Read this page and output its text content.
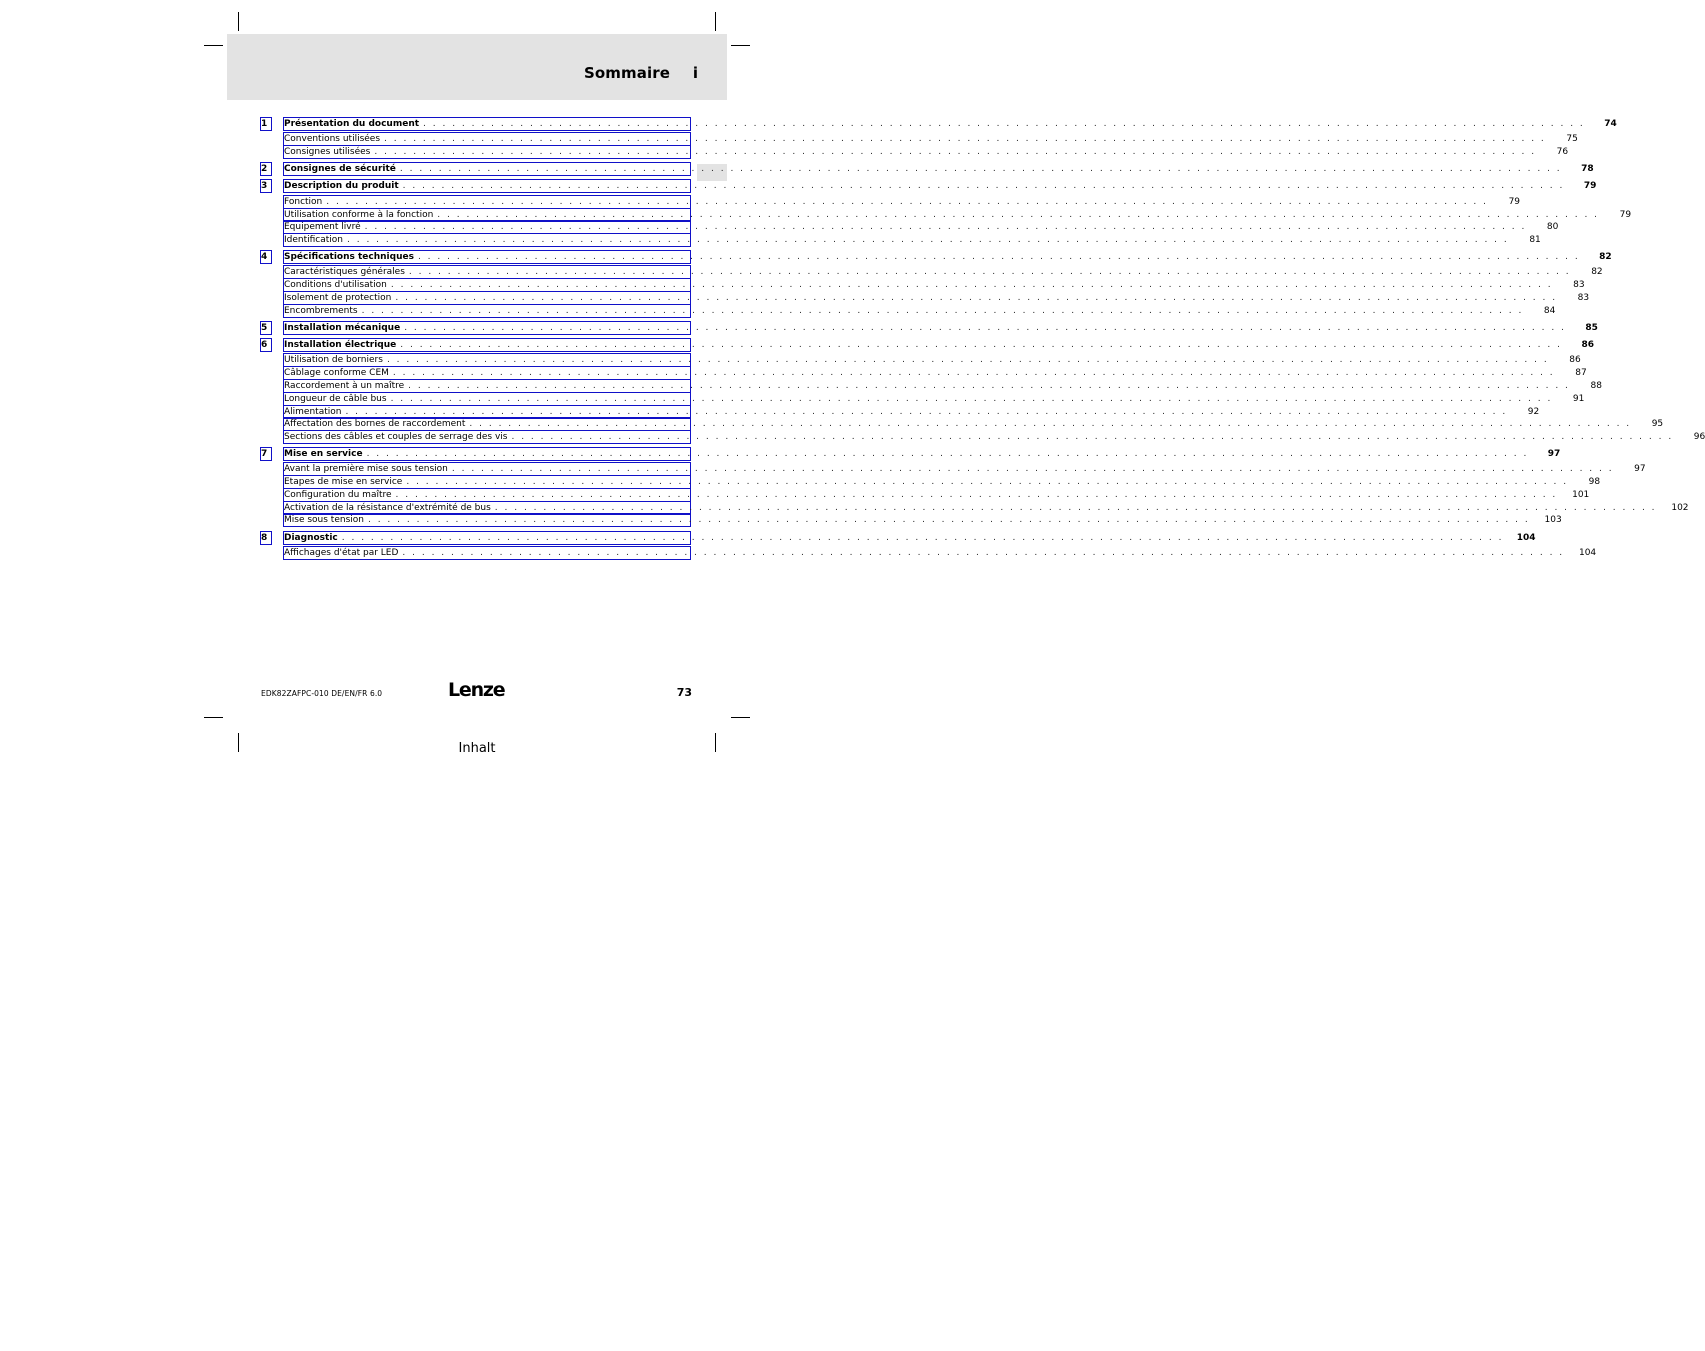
Sommaire i
1	Présentation du document . . . . . . . . . . . . . . . . . . . . . . . . . . . . . . . . . . . . . . . . . . . . . . . . . . . . . . . . . . . . . . . . . . . . . . . . . . . . . . . . . . . . . . . . . . . . . . . . . . . . . . . . . . . . . . . . . . . . . . . .	74
Conventions utilisées . . . . . . . . . . . . . . . . . . . . . . . . . . . . . . . . . . . . . . . . . . . . . . . . . . . . . . . . . . . . . . . . . . . . . . . . . . . . . . . . . . . . . . . . . . . . . . . . . . . . . . . . . . . . . . . . . . . . . . . .	75
Consignes utilisées . . . . . . . . . . . . . . . . . . . . . . . . . . . . . . . . . . . . . . . . . . . . . . . . . . . . . . . . . . . . . . . . . . . . . . . . . . . . . . . . . . . . . . . . . . . . . . . . . . . . . . . . . . . . . . . . . . . . . . . .	76
2	Consignes de sécurité . . . . . . . . . . . . . . . . . . . . . . . . . . . . . . . . . . . . . . . . . . . . . . . . . . . . . . . . . . . . . . . . . . . . . . . . . . . . . . . . . . . . . . . . . . . . . . . . . . . . . . . . . . . . . . . . . . . . . . . .	78
3	Description du produit . . . . . . . . . . . . . . . . . . . . . . . . . . . . . . . . . . . . . . . . . . . . . . . . . . . . . . . . . . . . . . . . . . . . . . . . . . . . . . . . . . . . . . . . . . . . . . . . . . . . . . . . . . . . . . . . . . . . . . . .	79
Fonction . . . . . . . . . . . . . . . . . . . . . . . . . . . . . . . . . . . . . . . . . . . . . . . . . . . . . . . . . . . . . . . . . . . . . . . . . . . . . . . . . . . . . . . . . . . . . . . . . . . . . . . . . . . . . . . . . . . . . . . .	79
Utilisation conforme à la fonction . . . . . . . . . . . . . . . . . . . . . . . . . . . . . . . . . . . . . . . . . . . . . . . . . . . . . . . . . . . . . . . . . . . . . . . . . . . . . . . . . . . . . . . . . . . . . . . . . . . . . . . . . . . . . . . . . . . . . . . .	79
Equipement livré . . . . . . . . . . . . . . . . . . . . . . . . . . . . . . . . . . . . . . . . . . . . . . . . . . . . . . . . . . . . . . . . . . . . . . . . . . . . . . . . . . . . . . . . . . . . . . . . . . . . . . . . . . . . . . . . . . . . . . . .	80
Identification . . . . . . . . . . . . . . . . . . . . . . . . . . . . . . . . . . . . . . . . . . . . . . . . . . . . . . . . . . . . . . . . . . . . . . . . . . . . . . . . . . . . . . . . . . . . . . . . . . . . . . . . . . . . . . . . . . . . . . . .	81
4	Spécifications techniques . . . . . . . . . . . . . . . . . . . . . . . . . . . . . . . . . . . . . . . . . . . . . . . . . . . . . . . . . . . . . . . . . . . . . . . . . . . . . . . . . . . . . . . . . . . . . . . . . . . . . . . . . . . . . . . . . . . . . . . .	82
Caractéristiques générales . . . . . . . . . . . . . . . . . . . . . . . . . . . . . . . . . . . . . . . . . . . . . . . . . . . . . . . . . . . . . . . . . . . . . . . . . . . . . . . . . . . . . . . . . . . . . . . . . . . . . . . . . . . . . . . . . . . . . . . .	82
Conditions d'utilisation . . . . . . . . . . . . . . . . . . . . . . . . . . . . . . . . . . . . . . . . . . . . . . . . . . . . . . . . . . . . . . . . . . . . . . . . . . . . . . . . . . . . . . . . . . . . . . . . . . . . . . . . . . . . . . . . . . . . . . . .	83
Isolement de protection . . . . . . . . . . . . . . . . . . . . . . . . . . . . . . . . . . . . . . . . . . . . . . . . . . . . . . . . . . . . . . . . . . . . . . . . . . . . . . . . . . . . . . . . . . . . . . . . . . . . . . . . . . . . . . . . . . . . . . . .	83
Encombrements . . . . . . . . . . . . . . . . . . . . . . . . . . . . . . . . . . . . . . . . . . . . . . . . . . . . . . . . . . . . . . . . . . . . . . . . . . . . . . . . . . . . . . . . . . . . . . . . . . . . . . . . . . . . . . . . . . . . . . . .	84
5	Installation mécanique . . . . . . . . . . . . . . . . . . . . . . . . . . . . . . . . . . . . . . . . . . . . . . . . . . . . . . . . . . . . . . . . . . . . . . . . . . . . . . . . . . . . . . . . . . . . . . . . . . . . . . . . . . . . . . . . . . . . . . . .	85
6	Installation électrique . . . . . . . . . . . . . . . . . . . . . . . . . . . . . . . . . . . . . . . . . . . . . . . . . . . . . . . . . . . . . . . . . . . . . . . . . . . . . . . . . . . . . . . . . . . . . . . . . . . . . . . . . . . . . . . . . . . . . . . .	86
Utilisation de borniers . . . . . . . . . . . . . . . . . . . . . . . . . . . . . . . . . . . . . . . . . . . . . . . . . . . . . . . . . . . . . . . . . . . . . . . . . . . . . . . . . . . . . . . . . . . . . . . . . . . . . . . . . . . . . . . . . . . . . . . .	86
Câblage conforme CEM . . . . . . . . . . . . . . . . . . . . . . . . . . . . . . . . . . . . . . . . . . . . . . . . . . . . . . . . . . . . . . . . . . . . . . . . . . . . . . . . . . . . . . . . . . . . . . . . . . . . . . . . . . . . . . . . . . . . . . . .	87
Raccordement à un maître . . . . . . . . . . . . . . . . . . . . . . . . . . . . . . . . . . . . . . . . . . . . . . . . . . . . . . . . . . . . . . . . . . . . . . . . . . . . . . . . . . . . . . . . . . . . . . . . . . . . . . . . . . . . . . . . . . . . . . . .	88
Longueur de câble bus . . . . . . . . . . . . . . . . . . . . . . . . . . . . . . . . . . . . . . . . . . . . . . . . . . . . . . . . . . . . . . . . . . . . . . . . . . . . . . . . . . . . . . . . . . . . . . . . . . . . . . . . . . . . . . . . . . . . . . . .	91
Alimentation . . . . . . . . . . . . . . . . . . . . . . . . . . . . . . . . . . . . . . . . . . . . . . . . . . . . . . . . . . . . . . . . . . . . . . . . . . . . . . . . . . . . . . . . . . . . . . . . . . . . . . . . . . . . . . . . . . . . . . . .	92
Affectation des bornes de raccordement . . . . . . . . . . . . . . . . . . . . . . . . . . . . . . . . . . . . . . . . . . . . . . . . . . . . . . . . . . . . . . . . . . . . . . . . . . . . . . . . . . . . . . . . . . . . . . . . . . . . . . . . . . . . . . . . . . . . . . . .	95
Sections des câbles et couples de serrage des vis . . . . . . . . . . . . . . . . . . . . . . . . . . . . . . . . . . . . . . . . . . . . . . . . . . . . . . . . . . . . . . . . . . . . . . . . . . . . . . . . . . . . . . . . . . . . . . . . . . . . . . . . . . . . . . . . . . . . . . . .	96
7	Mise en service . . . . . . . . . . . . . . . . . . . . . . . . . . . . . . . . . . . . . . . . . . . . . . . . . . . . . . . . . . . . . . . . . . . . . . . . . . . . . . . . . . . . . . . . . . . . . . . . . . . . . . . . . . . . . . . . . . . . . . . .	97
Avant la première mise sous tension . . . . . . . . . . . . . . . . . . . . . . . . . . . . . . . . . . . . . . . . . . . . . . . . . . . . . . . . . . . . . . . . . . . . . . . . . . . . . . . . . . . . . . . . . . . . . . . . . . . . . . . . . . . . . . . . . . . . . . . .	97
Etapes de mise en service . . . . . . . . . . . . . . . . . . . . . . . . . . . . . . . . . . . . . . . . . . . . . . . . . . . . . . . . . . . . . . . . . . . . . . . . . . . . . . . . . . . . . . . . . . . . . . . . . . . . . . . . . . . . . . . . . . . . . . . .	98
Configuration du maître . . . . . . . . . . . . . . . . . . . . . . . . . . . . . . . . . . . . . . . . . . . . . . . . . . . . . . . . . . . . . . . . . . . . . . . . . . . . . . . . . . . . . . . . . . . . . . . . . . . . . . . . . . . . . . . . . . . . . . . .	101
Activation de la résistance d'extrémité de bus . . . . . . . . . . . . . . . . . . . . . . . . . . . . . . . . . . . . . . . . . . . . . . . . . . . . . . . . . . . . . . . . . . . . . . . . . . . . . . . . . . . . . . . . . . . . . . . . . . . . . . . . . . . . . . . . . . . . . . . .	102
Mise sous tension . . . . . . . . . . . . . . . . . . . . . . . . . . . . . . . . . . . . . . . . . . . . . . . . . . . . . . . . . . . . . . . . . . . . . . . . . . . . . . . . . . . . . . . . . . . . . . . . . . . . . . . . . . . . . . . . . . . . . . . .	103
8	Diagnostic . . . . . . . . . . . . . . . . . . . . . . . . . . . . . . . . . . . . . . . . . . . . . . . . . . . . . . . . . . . . . . . . . . . . . . . . . . . . . . . . . . . . . . . . . . . . . . . . . . . . . . . . . . . . . . . . . . . . . . . .	104
Affichages d'état par LED . . . . . . . . . . . . . . . . . . . . . . . . . . . . . . . . . . . . . . . . . . . . . . . . . . . . . . . . . . . . . . . . . . . . . . . . . . . . . . . . . . . . . . . . . . . . . . . . . . . . . . . . . . . . . . . . . . . . . . . .	104
EDK82ZAFPC-010 DE/EN/FR 6.0	Lenze	73
Inhalt
